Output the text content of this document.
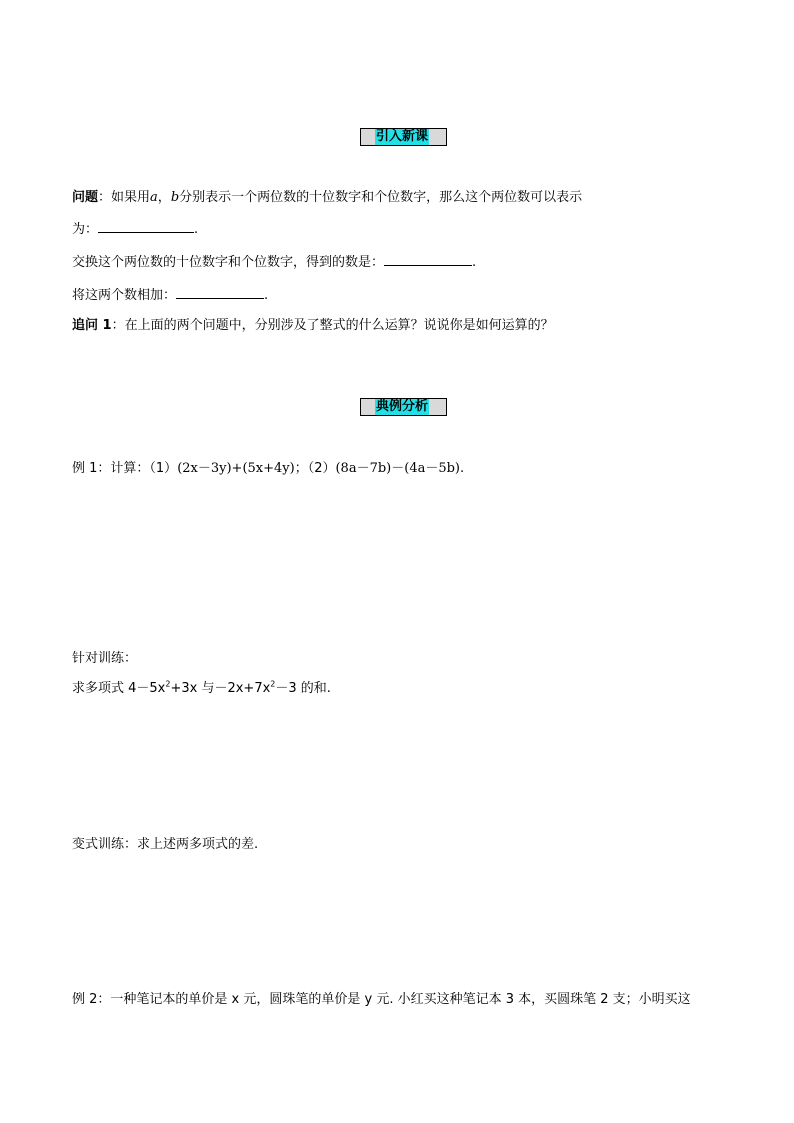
引入新课
问题：如果用a，b分别表示一个两位数的十位数字和个位数字，那么这个两位数可以表示
为：	.
交换这个两位数的十位数字和个位数字，得到的数是：	.
将这两个数相加：	.
追问 1：在上面的两个问题中，分别涉及了整式的什么运算？说说你是如何运算的？
典例分析
例 1：计算：（1）(2x－3y)+(5x+4y)；（2）(8a－7b)－(4a－5b).
针对训练：
求多项式 $4-5x^2+3x$ 与$-2x+7x^2-3$ 的和.
变式训练：求上述两多项式的差.
例 2：一种笔记本的单价是 x 元，圆珠笔的单价是 y 元. 小红买这种笔记本 3 本，买圆珠笔 2 支；小明买这
